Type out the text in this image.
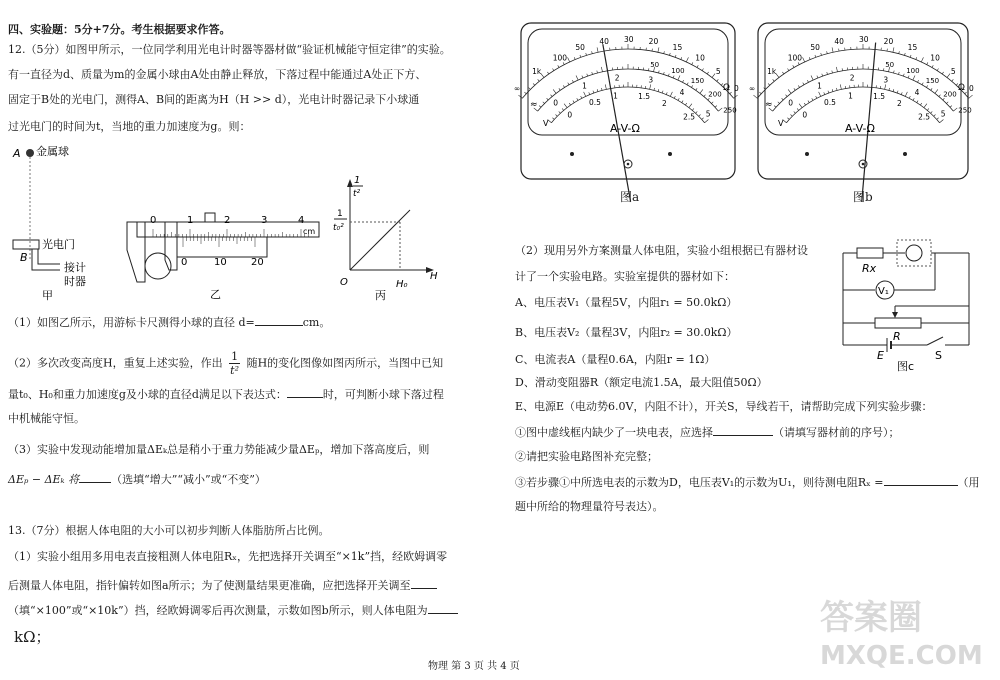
四、实验题：5分+7分。考生根据要求作答。
12.（5分）如图甲所示，一位同学利用光电计时器等器材做“验证机械能守恒定律”的实验。
有一直径为d、质量为m的金属小球由A处由静止释放，下落过程中能通过A处正下方、
固定于B处的光电门，测得A、B间的距离为H（H >> d），光电计时器记录下小球通
过光电门的时间为t，当地的重力加速度为g。则：
A 金属球
B
光电门
接计
时器
甲
0	1	2	3	4
cm
0	10 20
乙
1
t²
1
t₀²
O	H₀
H
丙
（1）如图乙所示，用游标卡尺测得小球的直径 d=	cm。
（2）多次改变高度H，重复上述实验，作出 $\frac{1}{\text{t²}}$ 随H的变化图像如图丙所示，当图中已知
量t₀、H₀和重力加速度g及小球的直径d满足以下表达式：	时，可判断小球下落过程
中机械能守恒。
（3）实验中发现动能增加量ΔEₖ总是稍小于重力势能减少量ΔEₚ，增加下落高度后，则
ΔEₚ − ΔEₖ 将	（选填“增大”“减小”或“不变”）
13.（7分）根据人体电阻的大小可以初步判断人体脂肪所占比例。
（1）实验小组用多用电表直接粗测人体电阻Rₓ，先把选择开关调至“×1k”挡，经欧姆调零
后测量人体电阻，指针偏转如图a所示；为了使测量结果更准确，应把选择开关调至
（填“×100”或“×10k”）挡，经欧姆调零后再次测量，示数如图b所示，则人体电阻为
kΩ；
物理 第 3 页 共 4 页
∞
1k
100
50
40 30 20
15
10
5
0
0
1
2	3
4
5
0
0.5
1	1.5
2
2.5
50
100
150
200
250
Ω
V
≈
A-V-Ω
图a
∞
1k
100
50
40 30 20
15
10
5
0
0
1
2	3
4
5
0
0.5
1	1.5
2
2.5
50
100
150
200
250
Ω
V
≈
A-V-Ω
图b
（2）现用另外方案测量人体电阻，实验小组根据已有器材设
计了一个实验电路。实验室提供的器材如下：
A、电压表V₁（量程5V，内阻r₁ = 50.0kΩ）
B、电压表V₂（量程3V，内阻r₂ = 30.0kΩ）
C、电流表A（量程0.6A，内阻r = 1Ω）
D、滑动变阻器R（额定电流1.5A，最大阻值50Ω）
E、电源E（电动势6.0V，内阻不计），开关S，导线若干，请帮助完成下列实验步骤：
①图中虚线框内缺少了一块电表，应选择	（请填写器材前的序号）；
②请把实验电路图补充完整；
③若步骤①中所选电表的示数为D，电压表V₁的示数为U₁，则待测电阻Rₓ =	（用
题中所给的物理量符号表达）。
Rx
V₁
R
E	S
图c
答案圈
MXQE.COM
